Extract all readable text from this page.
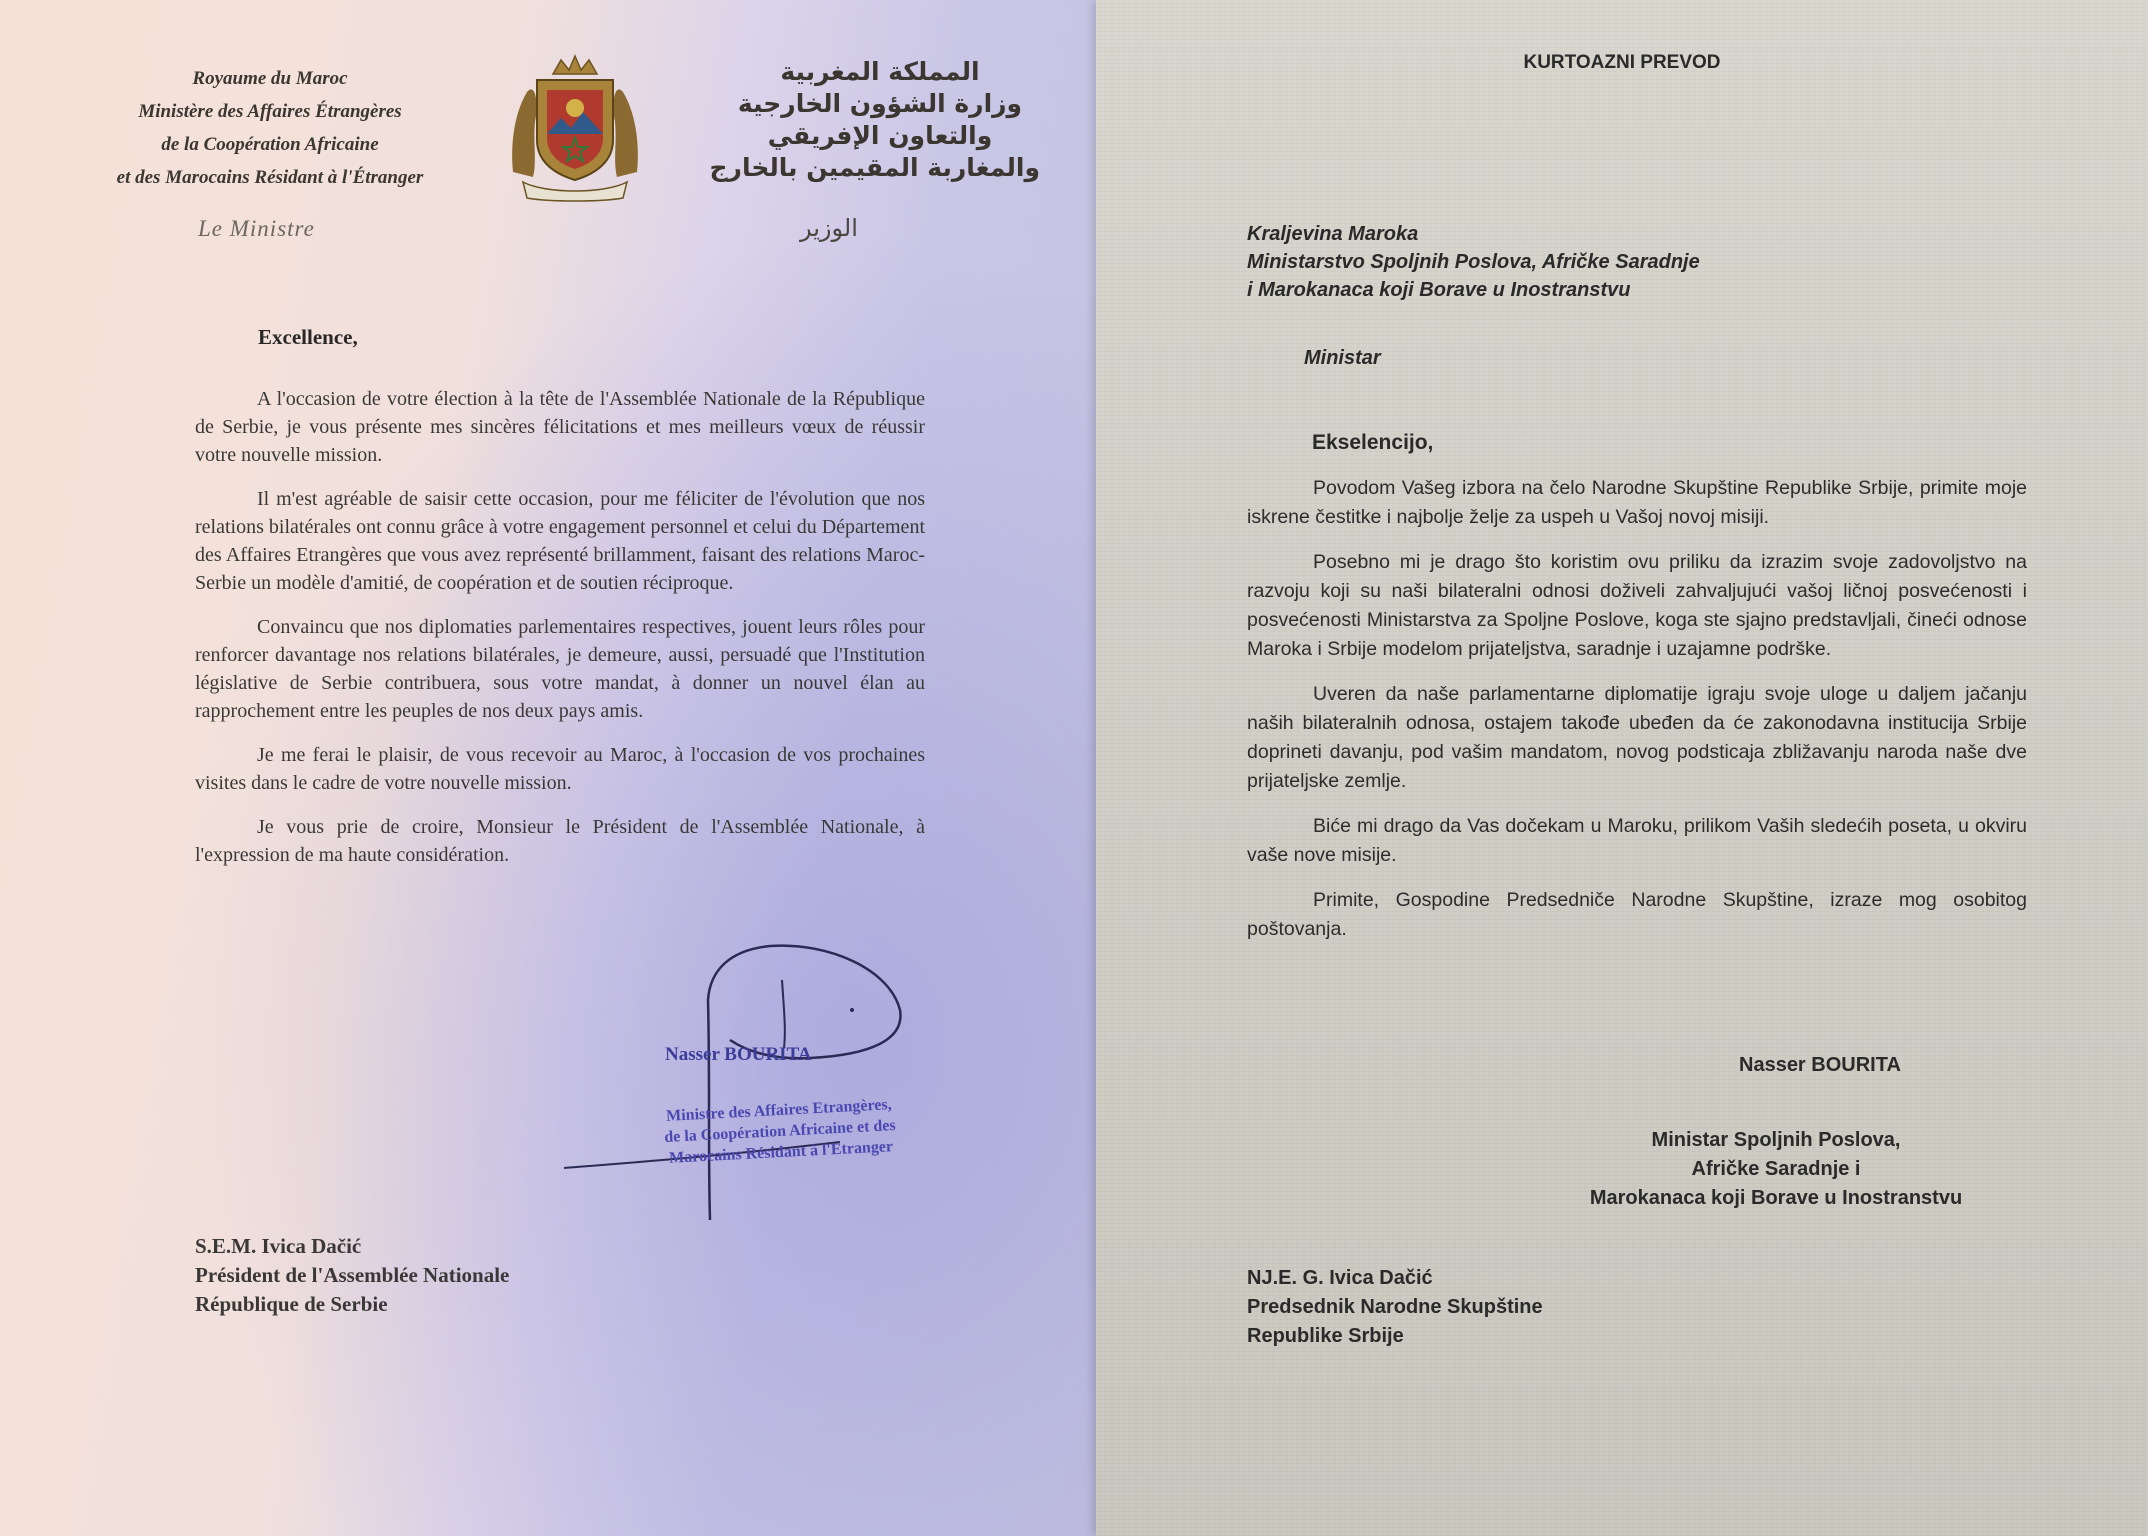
Royaume du Maroc
Ministère des Affaires Étrangères
de la Coopération Africaine
et des Marocains Résidant à l'Étranger
المملكة المغربية
وزارة الشؤون الخارجية
والتعاون الإفريقي
والمغاربة المقيمين بالخارج
Le Ministre	الوزير
Excellence,

A l'occasion de votre élection à la tête de l'Assemblée Nationale de la République de Serbie, je vous présente mes sincères félicitations et mes meilleurs vœux de réussir votre nouvelle mission.

Il m'est agréable de saisir cette occasion, pour me féliciter de l'évolution que nos relations bilatérales ont connu grâce à votre engagement personnel et celui du Département des Affaires Etrangères que vous avez représenté brillamment, faisant des relations Maroc-Serbie un modèle d'amitié, de coopération et de soutien réciproque.

Convaincu que nos diplomaties parlementaires respectives, jouent leurs rôles pour renforcer davantage nos relations bilatérales, je demeure, aussi, persuadé que l'Institution législative de Serbie contribuera, sous votre mandat, à donner un nouvel élan au rapprochement entre les peuples de nos deux pays amis.

Je me ferai le plaisir, de vous recevoir au Maroc, à l'occasion de vos prochaines visites dans le cadre de votre nouvelle mission.

Je vous prie de croire, Monsieur le Président de l'Assemblée Nationale, à l'expression de ma haute considération.

Nasser BOURITA
Ministre des Affaires Etrangères,
de la Coopération Africaine et des
Marocains Résidant à l'Etranger
S.E.M. Ivica Dačić
Président de l'Assemblée Nationale
République de Serbie
KURTOAZNI PREVOD
Kraljevina Maroka
Ministarstvo Spoljnih Poslova, Afričke Saradnje
i Marokanaca koji Borave u Inostranstvu
Ministar
Ekselencijo,

Povodom Vašeg izbora na čelo Narodne Skupštine Republike Srbije, primite moje iskrene čestitke i najbolje želje za uspeh u Vašoj novoj misiji.

Posebno mi je drago što koristim ovu priliku da izrazim svoje zadovoljstvo na razvoju koji su naši bilateralni odnosi doživeli zahvaljujući vašoj ličnoj posvećenosti i posvećenosti Ministarstva za Spoljne Poslove, koga ste sjajno predstavljali, čineći odnose Maroka i Srbije modelom prijateljstva, saradnje i uzajamne podrške.

Uveren da naše parlamentarne diplomatije igraju svoje uloge u daljem jačanju naših bilateralnih odnosa, ostajem takođe ubeđen da će zakonodavna institucija Srbije doprineti davanju, pod vašim mandatom, novog podsticaja zbližavanju naroda naše dve prijateljske zemlje.

Biće mi drago da Vas dočekam u Maroku, prilikom Vaših sledećih poseta, u okviru vaše nove misije.

Primite, Gospodine Predsedniče Narodne Skupštine, izraze mog osobitog poštovanja.

Nasser BOURITA
Ministar Spoljnih Poslova,
Afričke Saradnje i
Marokanaca koji Borave u Inostranstvu
NJ.E. G. Ivica Dačić
Predsednik Narodne Skupštine
Republike Srbije
